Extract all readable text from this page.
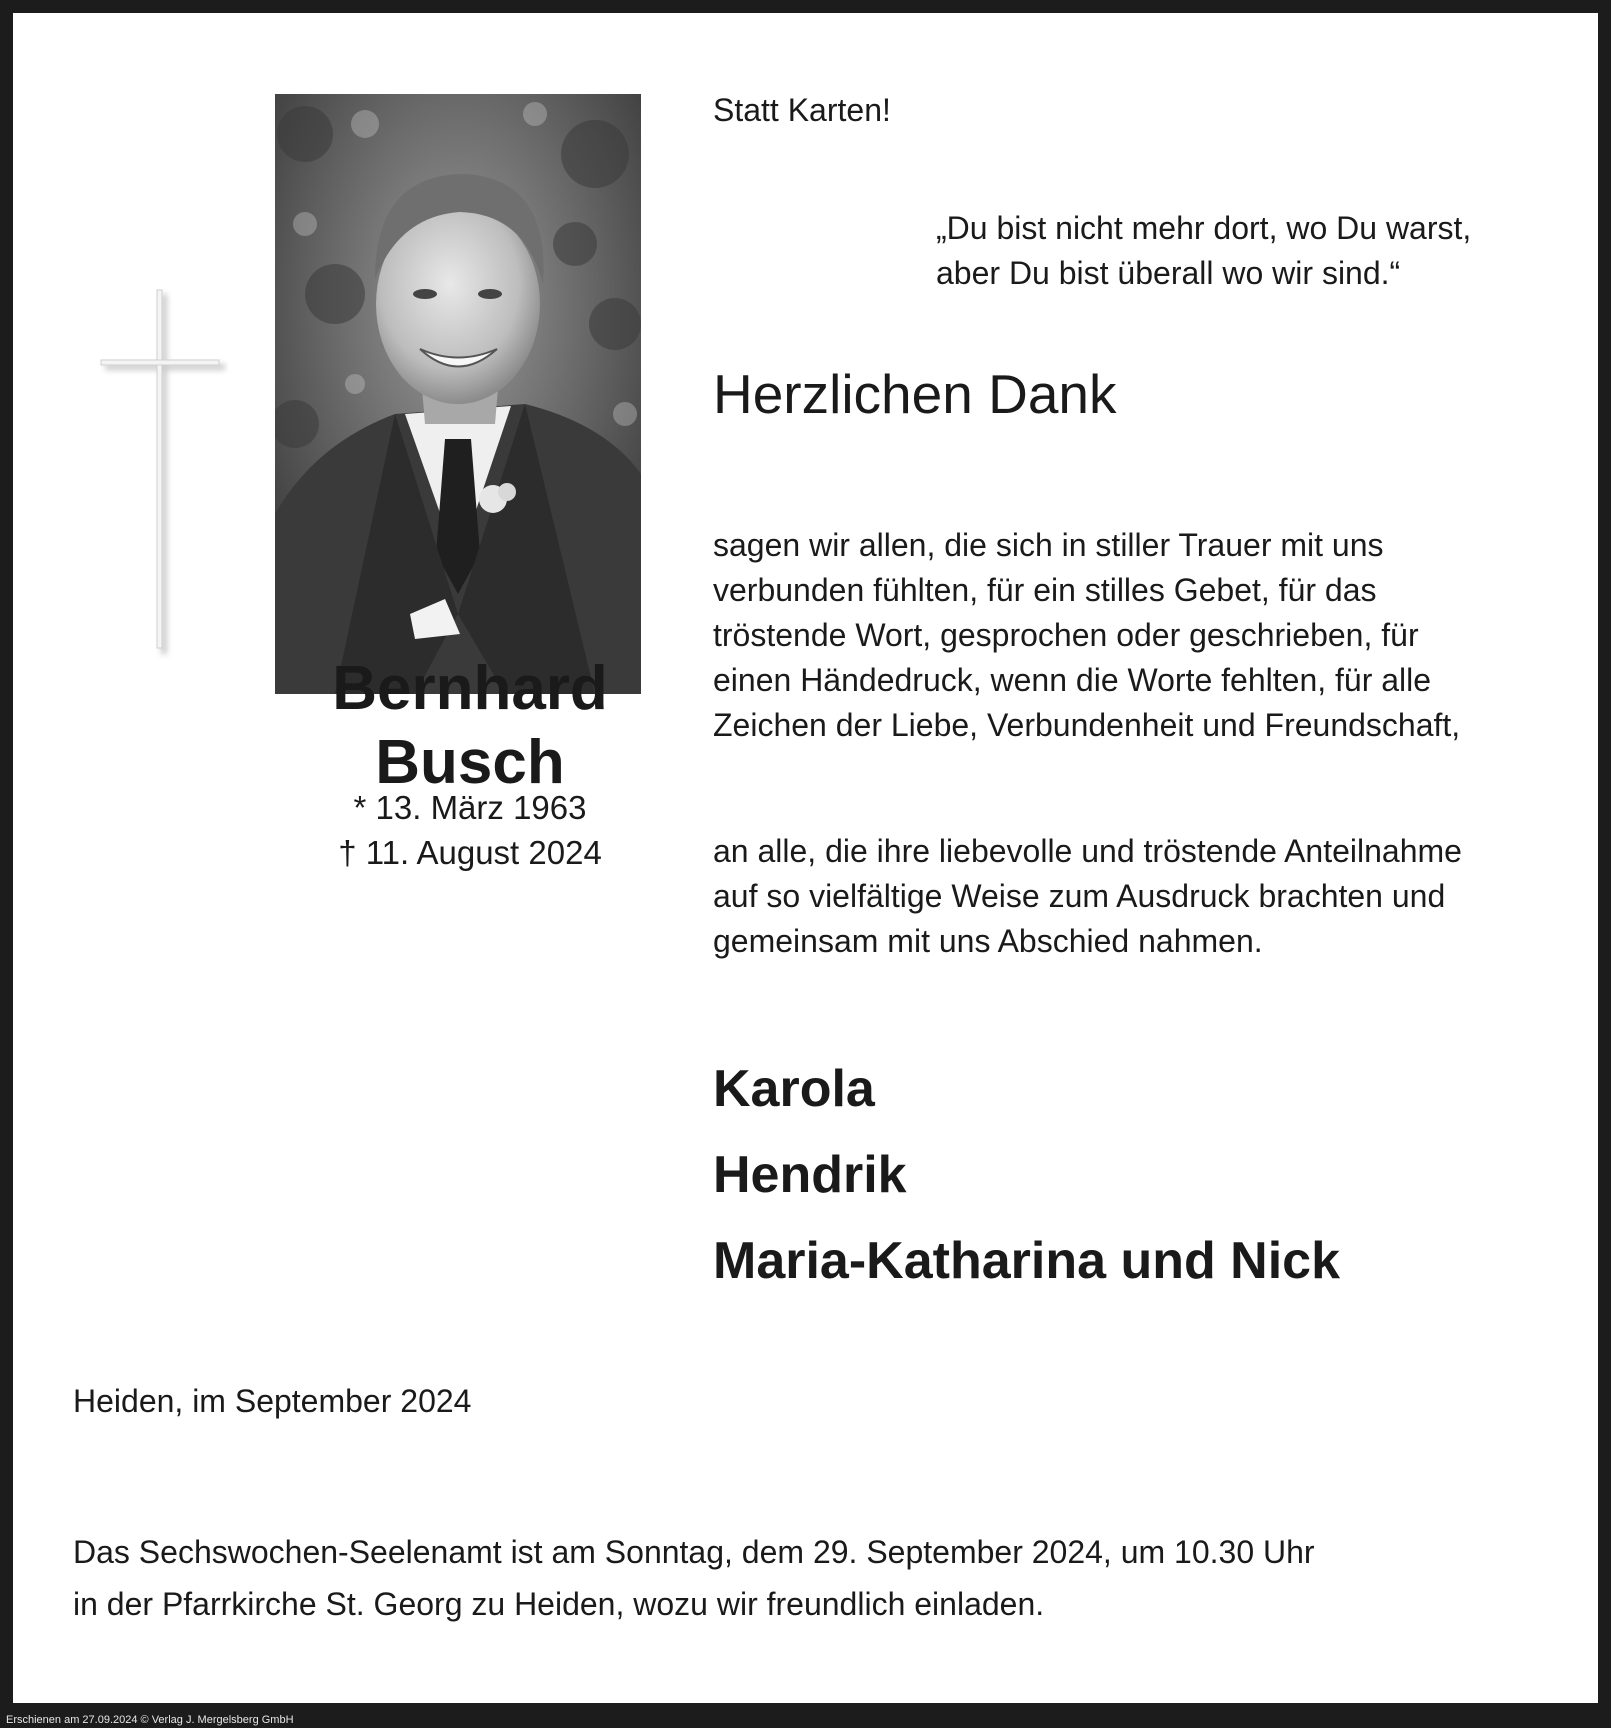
Bernhard
Busch
* 13. März 1963
† 11. August 2024
Statt Karten!
„Du bist nicht mehr dort, wo Du warst,
aber Du bist überall wo wir sind.“
Herzlichen Dank
sagen wir allen, die sich in stiller Trauer mit uns
verbunden fühlten, für ein stilles Gebet, für das
tröstende Wort, gesprochen oder geschrieben, für
einen Händedruck, wenn die Worte fehlten, für alle
Zeichen der Liebe, Verbundenheit und Freundschaft,
an alle, die ihre liebevolle und tröstende Anteilnahme
auf so vielfältige Weise zum Ausdruck brachten und
gemeinsam mit uns Abschied nahmen.
Karola
Hendrik
Maria-Katharina und Nick
Heiden, im September 2024
Das Sechswochen-Seelenamt ist am Sonntag, dem 29. September 2024, um 10.30 Uhr
in der Pfarrkirche St. Georg zu Heiden, wozu wir freundlich einladen.
Erschienen am 27.09.2024 © Verlag J. Mergelsberg GmbH
